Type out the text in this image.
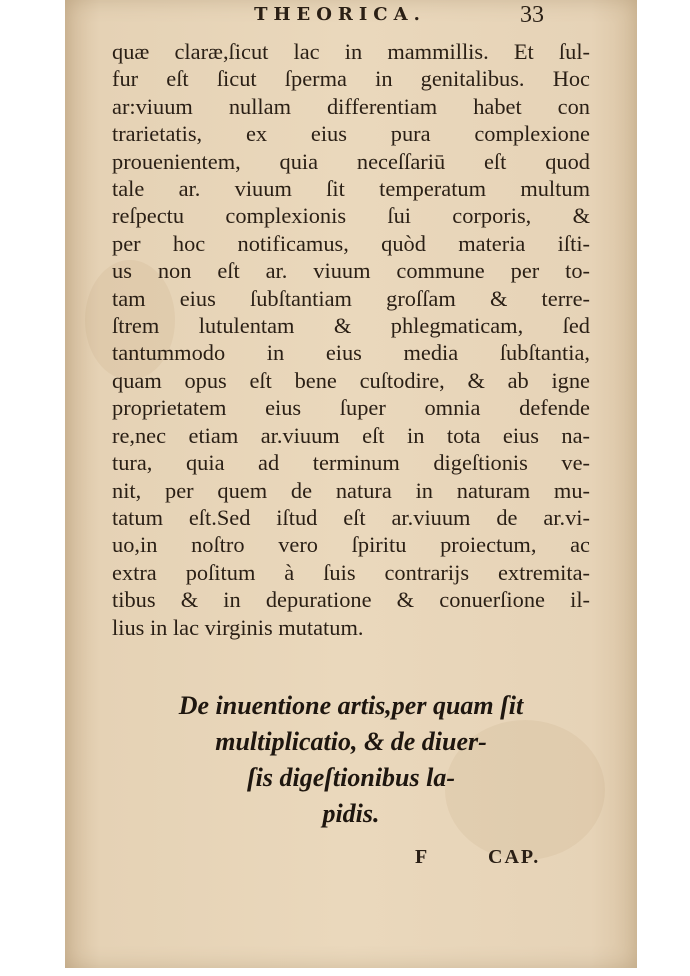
THEORICA.	33
quæ claræ,ſicut lac in mammillis. Et ſul-
fur eſt ſicut ſperma in genitalibus. Hoc
ar:viuum nullam differentiam habet con
trarietatis, ex eius pura complexione
prouenientem, quia neceſſariū eſt quod
tale ar. viuum ſit temperatum multum
reſpectu complexionis ſui corporis, &
per hoc notificamus, quòd materia iſti-
us non eſt ar. viuum commune per to-
tam eius ſubſtantiam groſſam & terre-
ſtrem lutulentam & phlegmaticam, ſed
tantummodo in eius media ſubſtantia,
quam opus eſt bene cuſtodire, & ab igne
proprietatem eius ſuper omnia defende
re,nec etiam ar.viuum eſt in tota eius na-
tura, quia ad terminum digeſtionis ve-
nit, per quem de natura in naturam mu-
tatum eſt.Sed iſtud eſt ar.viuum de ar.vi-
uo,in noſtro vero ſpiritu proiectum, ac
extra poſitum à ſuis contrarijs extremita-
tibus & in depuratione & conuerſione il-
lius in lac virginis mutatum.
De inuentione artis,per quam ſit
multiplicatio, & de diuer-
ſis digeſtionibus la-
pidis.
F	CAP.
